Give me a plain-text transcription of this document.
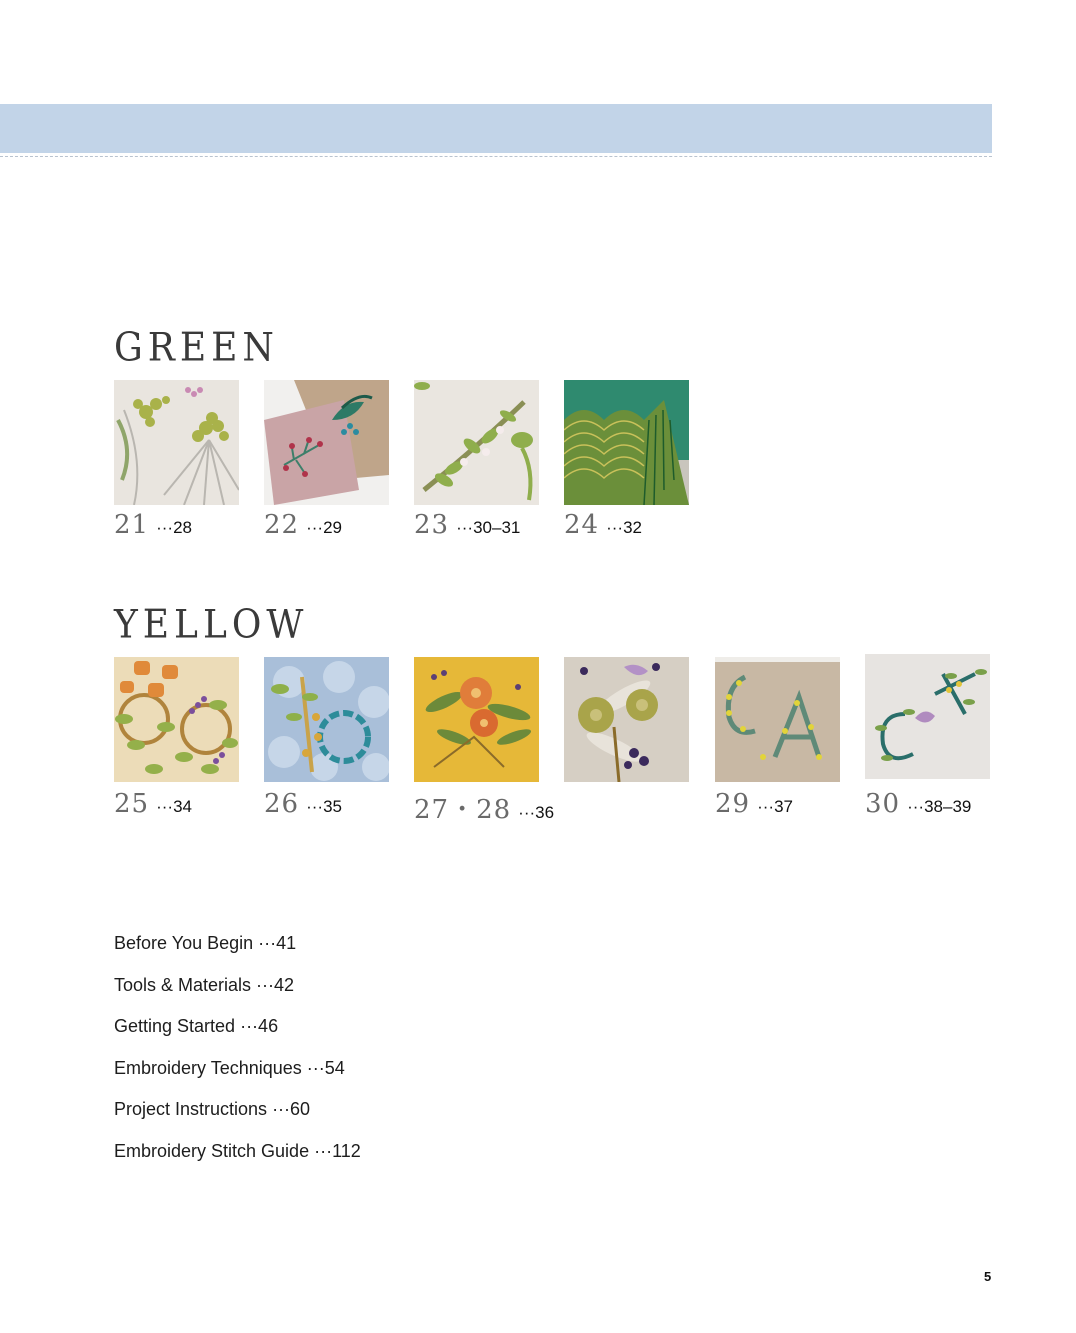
GREEN
21 ···28	22 ···29	23 ···30–31 24 ···32
YELLOW
25 ···34	26 ···35	27・28 ···36	29 ···37	30 ···38–39
Before You Begin ···41
Tools & Materials ···42
Getting Started ···46
Embroidery Techniques ···54
Project Instructions ···60
Embroidery Stitch Guide ···112
5
